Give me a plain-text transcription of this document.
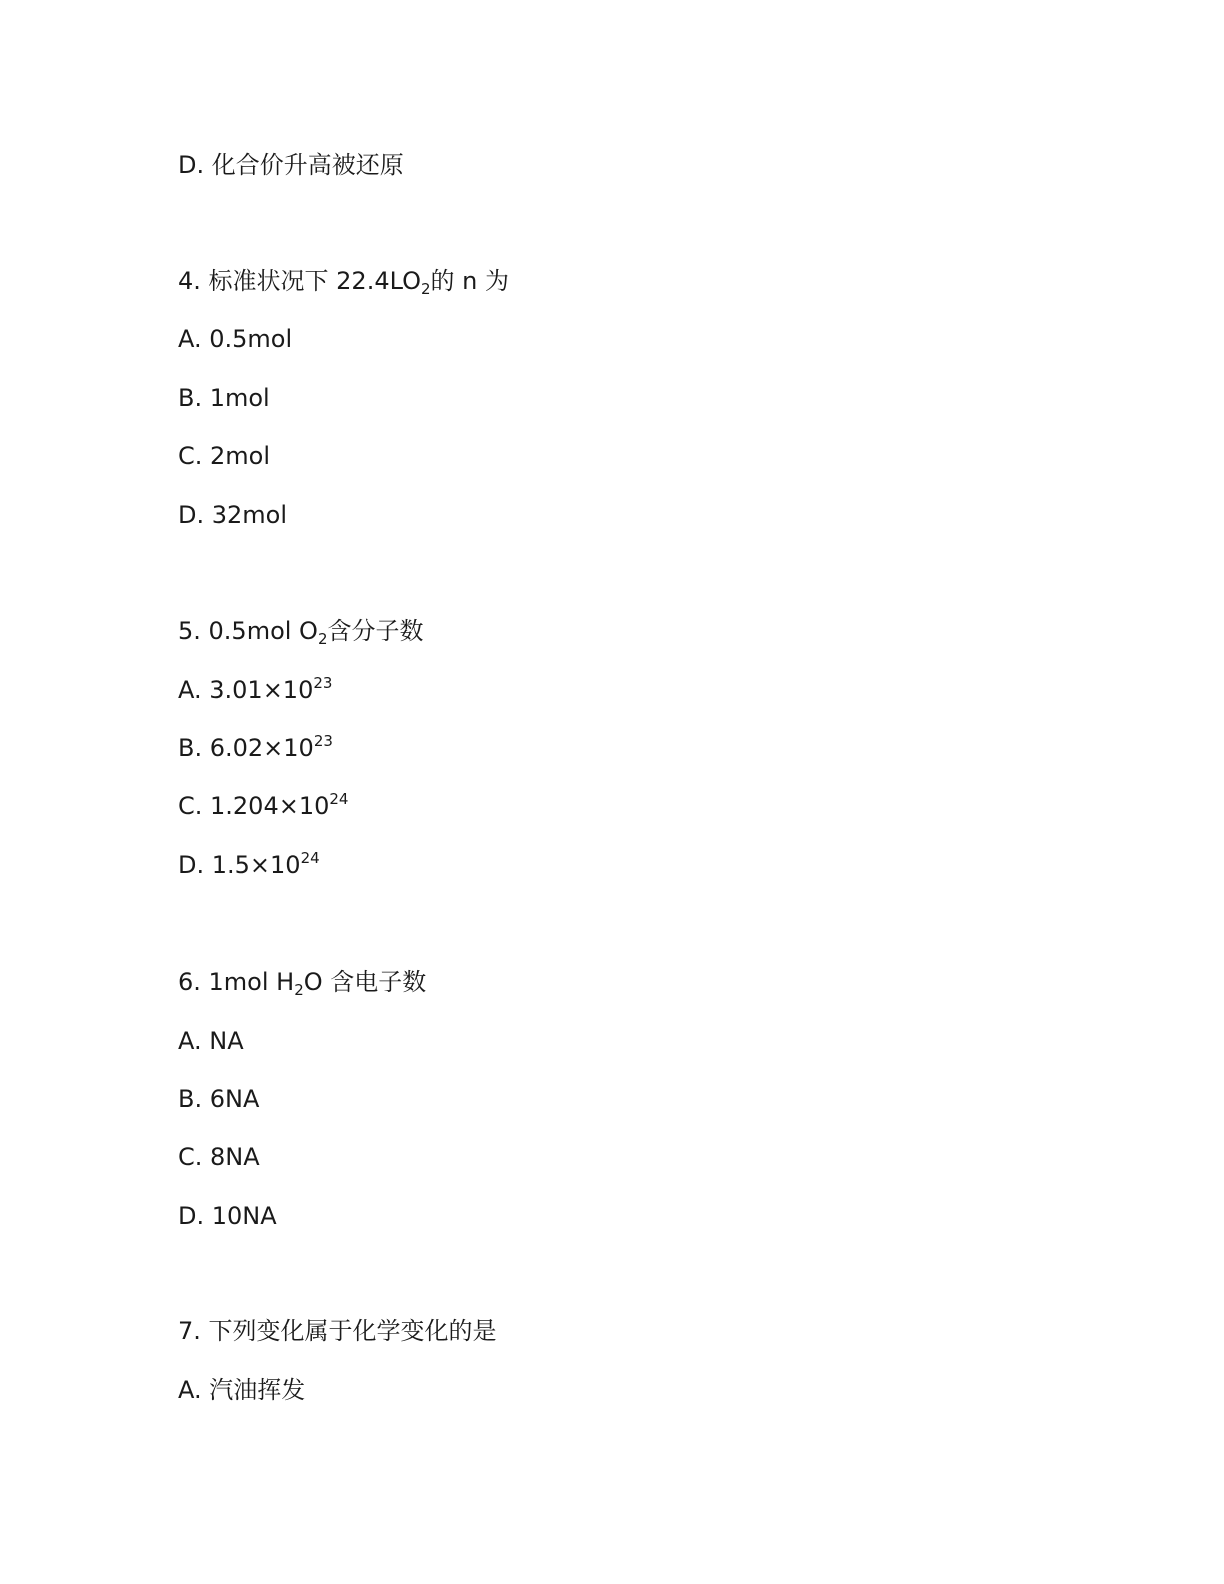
D. 化合价升高被还原
4. 标准状况下 $22.4LO_2$的 n 为
A. 0.5mol
B. 1mol
C. 2mol
D. 32mol
5. 0.5mol $O_2$含分子数
A. $3.01\times 10^{23}$
B. $6.02\times 10^{23}$
C. $1.204\times 10^{24}$
D. $1.5\times 10^{24}$
6. 1mol $H_2O$ 含电子数
A. NA
B. 6NA
C. 8NA
D. 10NA
7. 下列变化属于化学变化的是
A. 汽油挥发
